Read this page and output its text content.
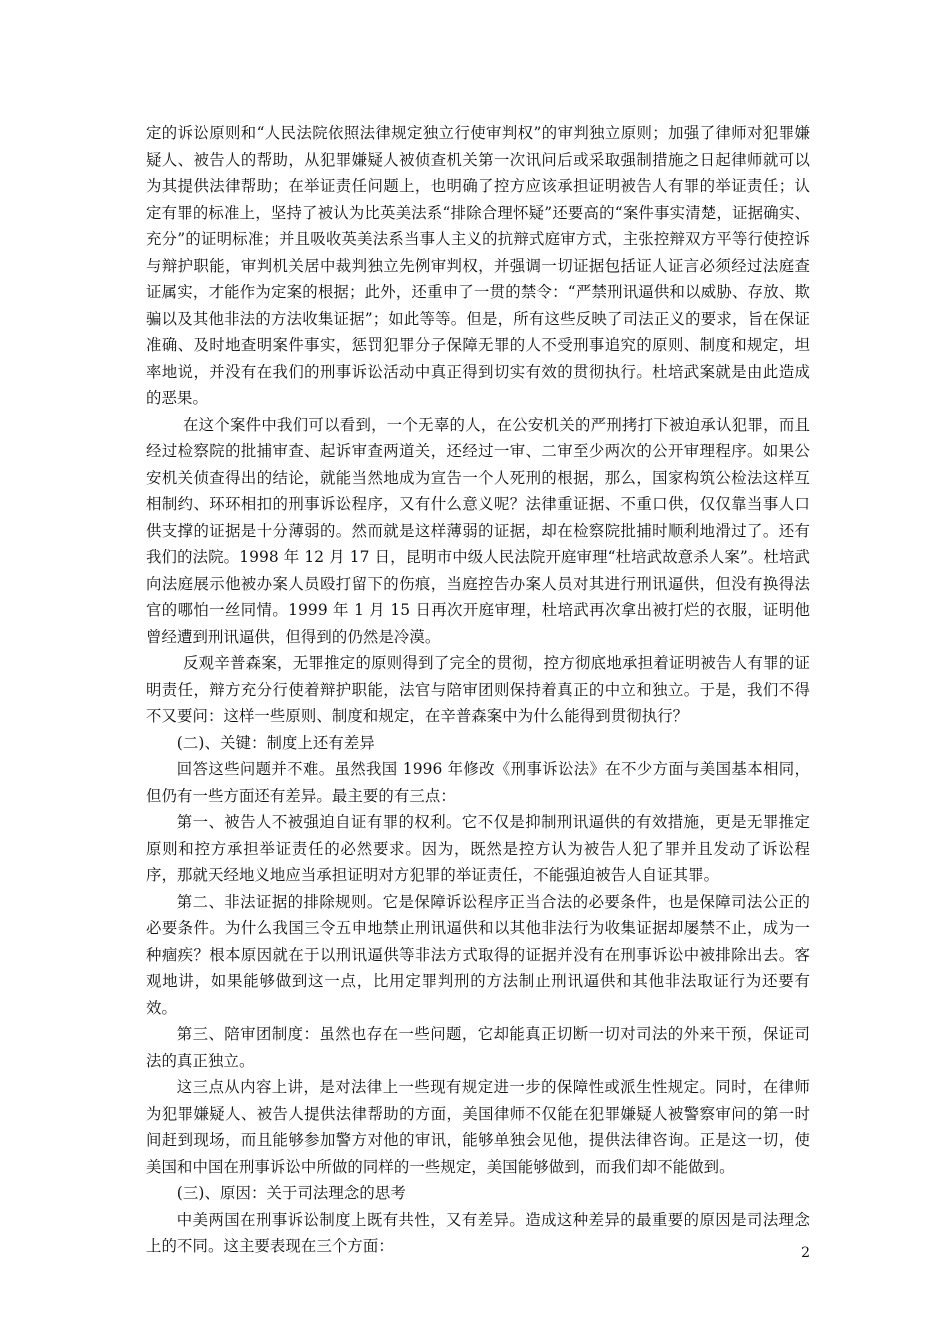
定的诉讼原则和“人民法院依照法律规定独立行使审判权”的审判独立原则；加强了律师对犯罪嫌疑人、被告人的帮助，从犯罪嫌疑人被侦查机关第一次讯问后或采取强制措施之日起律师就可以为其提供法律帮助；在举证责任问题上，也明确了控方应该承担证明被告人有罪的举证责任；认定有罪的标准上，坚持了被认为比英美法系“排除合理怀疑”还要高的“案件事实清楚，证据确实、充分”的证明标准；并且吸收英美法系当事人主义的抗辩式庭审方式，主张控辩双方平等行使控诉与辩护职能，审判机关居中裁判独立先例审判权，并强调一切证据包括证人证言必须经过法庭查证属实，才能作为定案的根据；此外，还重申了一贯的禁令：“严禁刑讯逼供和以威胁、存放、欺骗以及其他非法的方法收集证据”；如此等等。但是，所有这些反映了司法正义的要求，旨在保证准确、及时地查明案件事实，惩罚犯罪分子保障无罪的人不受刑事追究的原则、制度和规定，坦率地说，并没有在我们的刑事诉讼活动中真正得到切实有效的贯彻执行。杜培武案就是由此造成的恶果。

在这个案件中我们可以看到，一个无辜的人，在公安机关的严刑拷打下被迫承认犯罪，而且经过检察院的批捕审查、起诉审查两道关，还经过一审、二审至少两次的公开审理程序。如果公安机关侦查得出的结论，就能当然地成为宣告一个人死刑的根据，那么，国家构筑公检法这样互相制约、环环相扣的刑事诉讼程序，又有什么意义呢？法律重证据、不重口供，仅仅靠当事人口供支撑的证据是十分薄弱的。然而就是这样薄弱的证据，却在检察院批捕时顺利地滑过了。还有我们的法院。1998 年 12 月 17 日，昆明市中级人民法院开庭审理“杜培武故意杀人案”。杜培武向法庭展示他被办案人员殴打留下的伤痕，当庭控告办案人员对其进行刑讯逼供，但没有换得法官的哪怕一丝同情。1999 年 1 月 15 日再次开庭审理，杜培武再次拿出被打烂的衣服，证明他曾经遭到刑讯逼供，但得到的仍然是冷漠。

反观辛普森案，无罪推定的原则得到了完全的贯彻，控方彻底地承担着证明被告人有罪的证明责任，辩方充分行使着辩护职能，法官与陪审团则保持着真正的中立和独立。于是，我们不得不又要问：这样一些原则、制度和规定，在辛普森案中为什么能得到贯彻执行？

(二)、关键：制度上还有差异

回答这些问题并不难。虽然我国 1996 年修改《刑事诉讼法》在不少方面与美国基本相同，但仍有一些方面还有差异。最主要的有三点：

第一、被告人不被强迫自证有罪的权利。它不仅是抑制刑讯逼供的有效措施，更是无罪推定原则和控方承担举证责任的必然要求。因为，既然是控方认为被告人犯了罪并且发动了诉讼程序，那就天经地义地应当承担证明对方犯罪的举证责任，不能强迫被告人自证其罪。

第二、非法证据的排除规则。它是保障诉讼程序正当合法的必要条件，也是保障司法公正的必要条件。为什么我国三令五申地禁止刑讯逼供和以其他非法行为收集证据却屡禁不止，成为一种痼疾？根本原因就在于以刑讯逼供等非法方式取得的证据并没有在刑事诉讼中被排除出去。客观地讲，如果能够做到这一点，比用定罪判刑的方法制止刑讯逼供和其他非法取证行为还要有效。

第三、陪审团制度：虽然也存在一些问题，它却能真正切断一切对司法的外来干预，保证司法的真正独立。

这三点从内容上讲，是对法律上一些现有规定进一步的保障性或派生性规定。同时，在律师为犯罪嫌疑人、被告人提供法律帮助的方面，美国律师不仅能在犯罪嫌疑人被警察审问的第一时间赶到现场，而且能够参加警方对他的审讯，能够单独会见他，提供法律咨询。正是这一切，使美国和中国在刑事诉讼中所做的同样的一些规定，美国能够做到，而我们却不能做到。

(三)、原因：关于司法理念的思考

中美两国在刑事诉讼制度上既有共性，又有差异。造成这种差异的最重要的原因是司法理念上的不同。这主要表现在三个方面：	2
